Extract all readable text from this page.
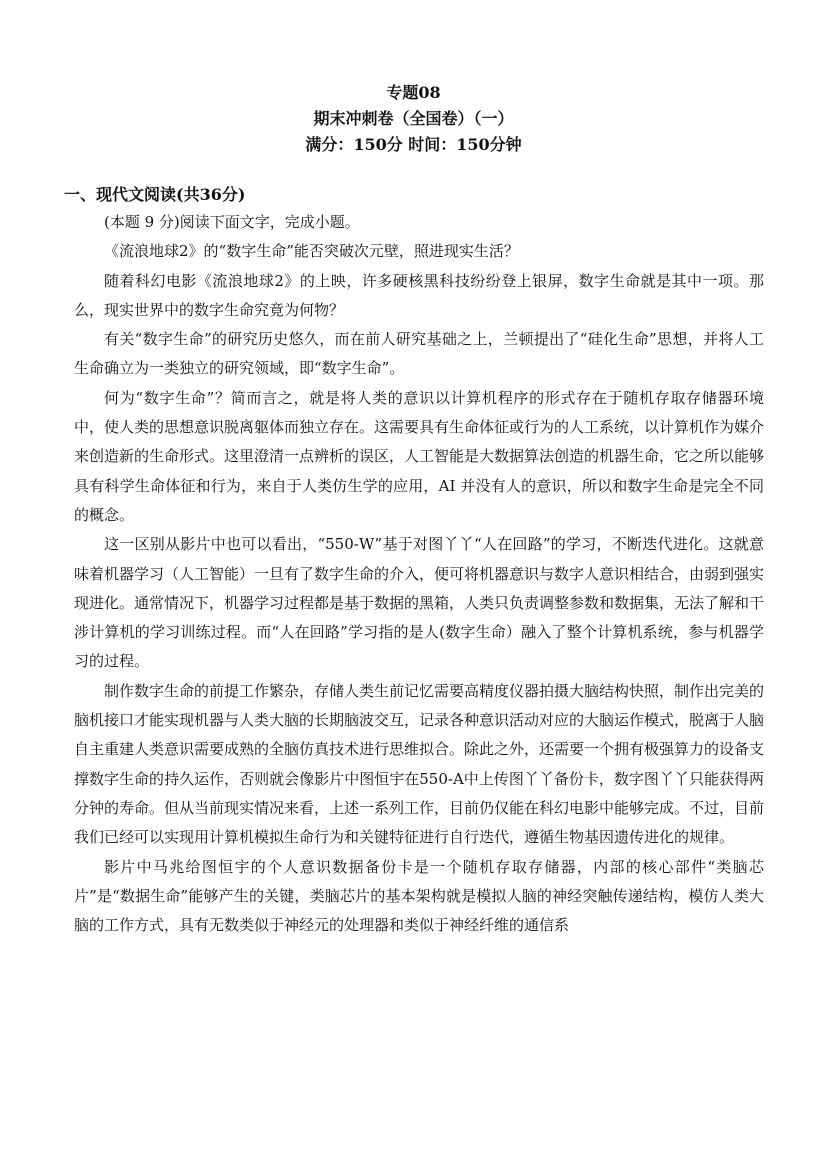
专题08
期末冲刺卷（全国卷）（一）
满分：150分 时间：150分钟
一、现代文阅读(共36分)
(本题 9 分)阅读下面文字，完成小题。

《流浪地球2》的“数字生命”能否突破次元壁，照进现实生活？

随着科幻电影《流浪地球2》的上映，许多硬核黑科技纷纷登上银屏，数字生命就是其中一项。那么，现实世界中的数字生命究竟为何物？

有关“数字生命”的研究历史悠久，而在前人研究基础之上，兰顿提出了“硅化生命”思想，并将人工生命确立为一类独立的研究领域，即“数字生命”。

何为“数字生命”？简而言之，就是将人类的意识以计算机程序的形式存在于随机存取存储器环境中，使人类的思想意识脱离躯体而独立存在。这需要具有生命体征或行为的人工系统，以计算机作为媒介来创造新的生命形式。这里澄清一点辨析的误区，人工智能是大数据算法创造的机器生命，它之所以能够具有科学生命体征和行为，来自于人类仿生学的应用，AI 并没有人的意识，所以和数字生命是完全不同的概念。

这一区别从影片中也可以看出，“550-W”基于对图丫丫“人在回路”的学习，不断迭代进化。这就意味着机器学习（人工智能）一旦有了数字生命的介入，便可将机器意识与数字人意识相结合，由弱到强实现进化。通常情况下，机器学习过程都是基于数据的黑箱，人类只负责调整参数和数据集，无法了解和干涉计算机的学习训练过程。而“人在回路”学习指的是人(数字生命）融入了整个计算机系统，参与机器学习的过程。

制作数字生命的前提工作繁杂，存储人类生前记忆需要高精度仪器拍摄大脑结构快照，制作出完美的脑机接口才能实现机器与人类大脑的长期脑波交互，记录各种意识活动对应的大脑运作模式，脱离于人脑自主重建人类意识需要成熟的全脑仿真技术进行思维拟合。除此之外，还需要一个拥有极强算力的设备支撑数字生命的持久运作，否则就会像影片中图恒宇在550-A中上传图丫丫备份卡，数字图丫丫只能获得两分钟的寿命。但从当前现实情况来看，上述一系列工作，目前仍仅能在科幻电影中能够完成。不过，目前我们已经可以实现用计算机模拟生命行为和关键特征进行自行迭代，遵循生物基因遗传进化的规律。

影片中马兆给图恒宇的个人意识数据备份卡是一个随机存取存储器，内部的核心部件“类脑芯片”是“数据生命”能够产生的关键，类脑芯片的基本架构就是模拟人脑的神经突触传递结构，模仿人类大脑的工作方式，具有无数类似于神经元的处理器和类似于神经纤维的通信系
